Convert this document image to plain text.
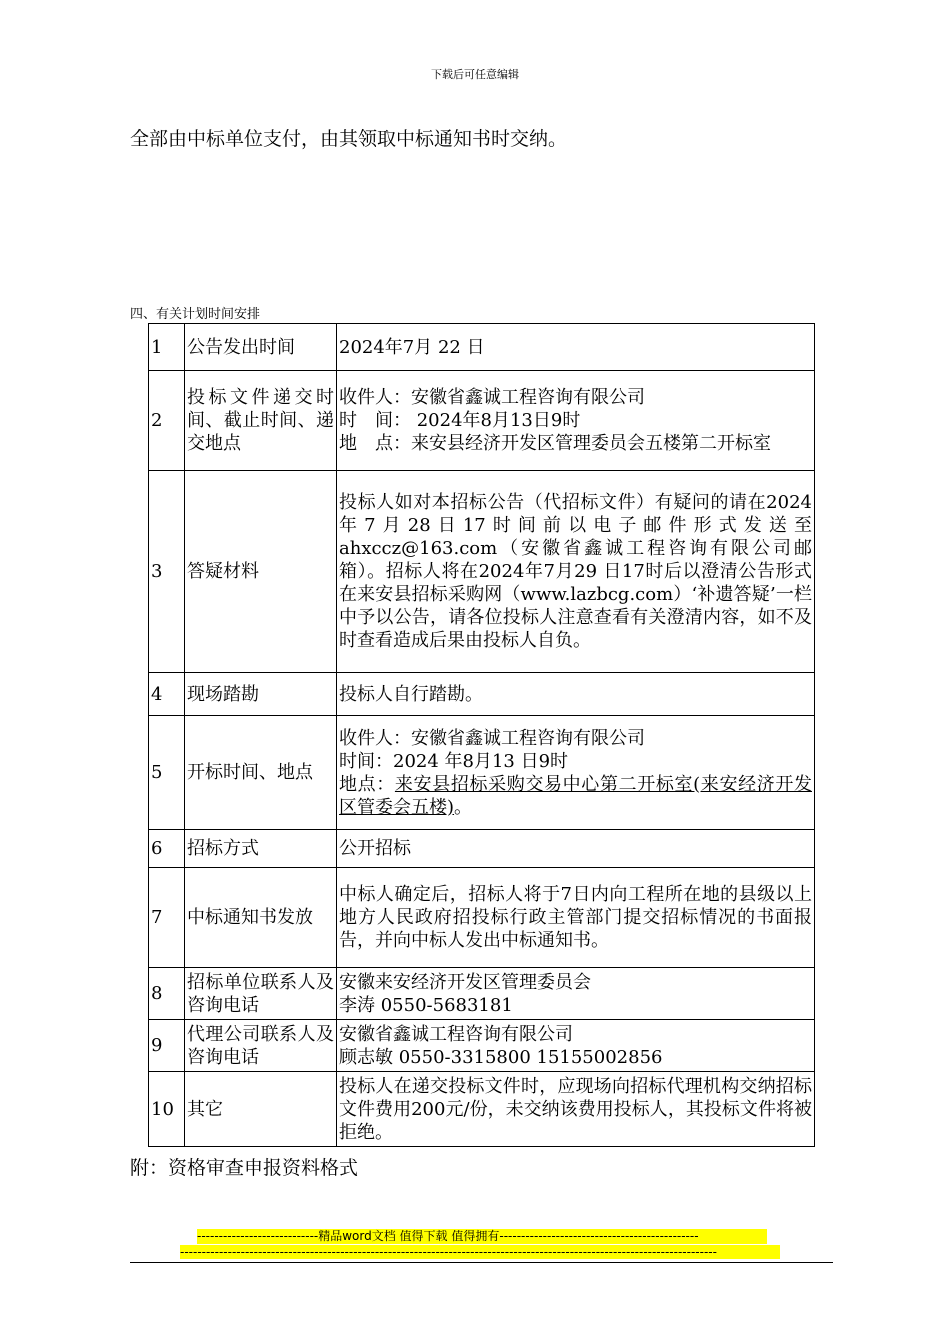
下载后可任意编辑
全部由中标单位支付，由其领取中标通知书时交纳。
四、有关计划时间安排
1	公告发出时间	2024年7月 22 日

2	投标文件递交时间、截止时间、递交地点	收件人：安徽省鑫诚工程咨询有限公司
时　间： 2024年8月13日9时
地　点：来安县经济开发区管理委员会五楼第二开标室

3	答疑材料	投标人如对本招标公告（代招标文件）有疑问的请在2024年7月28日17时间前以电子邮件形式发送至ahxccz@163.com（安徽省鑫诚工程咨询有限公司邮箱）。招标人将在2024年7月29 日17时后以澄清公告形式在来安县招标采购网（www.lazbcg.com）‘补遗答疑’一栏中予以公告，请各位投标人注意查看有关澄清内容，如不及时查看造成后果由投标人自负。

4	现场踏勘	投标人自行踏勘。

5	开标时间、地点	收件人：安徽省鑫诚工程咨询有限公司
时间：2024 年8月13 日9时
地点：来安县招标采购交易中心第二开标室(来安经济开发区管委会五楼)。

6	招标方式	公开招标

7	中标通知书发放	中标人确定后，招标人将于7日内向工程所在地的县级以上地方人民政府招投标行政主管部门提交招标情况的书面报告，并向中标人发出中标通知书。

8	招标单位联系人及咨询电话	安徽来安经济开发区管理委员会
李涛 0550-5683181

9	代理公司联系人及咨询电话	安徽省鑫诚工程咨询有限公司
顾志敏 0550-3315800 15155002856

10	其它	投标人在递交投标文件时，应现场向招标代理机构交纳招标文件费用200元/份，未交纳该费用投标人，其投标文件将被拒绝。
附：资格审查申报资料格式
----------------------------精品word文档 值得下载 值得拥有----------------------------------------------
----------------------------------------------------------------------------------------------------------------------------
